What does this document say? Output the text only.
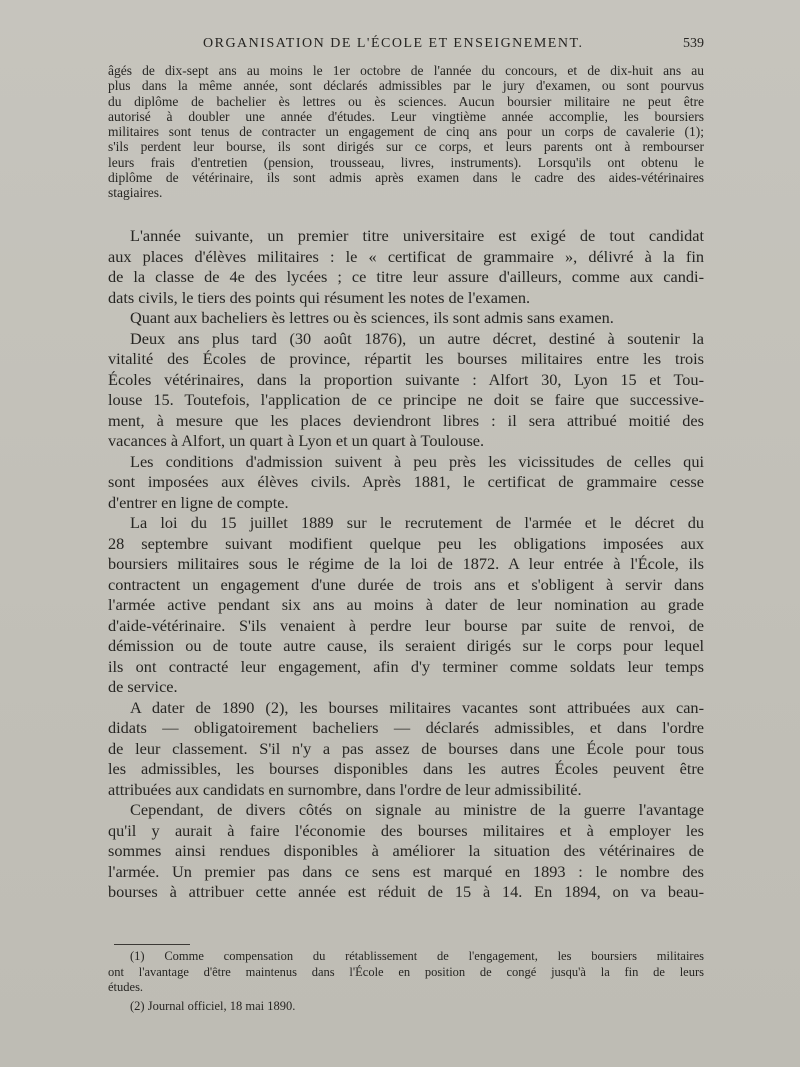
ORGANISATION DE L'ÉCOLE ET ENSEIGNEMENT.	539
âgés de dix-sept ans au moins le 1er octobre de l'année du concours, et de dix-huit ans au
plus dans la même année, sont déclarés admissibles par le jury d'examen, ou sont pourvus
du diplôme de bachelier ès lettres ou ès sciences. Aucun boursier militaire ne peut être
autorisé à doubler une année d'études. Leur vingtième année accomplie, les boursiers
militaires sont tenus de contracter un engagement de cinq ans pour un corps de cavalerie (1);
s'ils perdent leur bourse, ils sont dirigés sur ce corps, et leurs parents ont à rembourser
leurs frais d'entretien (pension, trousseau, livres, instruments). Lorsqu'ils ont obtenu le
diplôme de vétérinaire, ils sont admis après examen dans le cadre des aides-vétérinaires
stagiaires.
L'année suivante, un premier titre universitaire est exigé de tout candidat
aux places d'élèves militaires : le « certificat de grammaire », délivré à la fin
de la classe de 4e des lycées ; ce titre leur assure d'ailleurs, comme aux candi-
dats civils, le tiers des points qui résument les notes de l'examen.
Quant aux bacheliers ès lettres ou ès sciences, ils sont admis sans examen.
Deux ans plus tard (30 août 1876), un autre décret, destiné à soutenir la
vitalité des Écoles de province, répartit les bourses militaires entre les trois
Écoles vétérinaires, dans la proportion suivante : Alfort 30, Lyon 15 et Tou-
louse 15. Toutefois, l'application de ce principe ne doit se faire que successive-
ment, à mesure que les places deviendront libres : il sera attribué moitié des
vacances à Alfort, un quart à Lyon et un quart à Toulouse.
Les conditions d'admission suivent à peu près les vicissitudes de celles qui
sont imposées aux élèves civils. Après 1881, le certificat de grammaire cesse
d'entrer en ligne de compte.
La loi du 15 juillet 1889 sur le recrutement de l'armée et le décret du
28 septembre suivant modifient quelque peu les obligations imposées aux
boursiers militaires sous le régime de la loi de 1872. A leur entrée à l'École, ils
contractent un engagement d'une durée de trois ans et s'obligent à servir dans
l'armée active pendant six ans au moins à dater de leur nomination au grade
d'aide-vétérinaire. S'ils venaient à perdre leur bourse par suite de renvoi, de
démission ou de toute autre cause, ils seraient dirigés sur le corps pour lequel
ils ont contracté leur engagement, afin d'y terminer comme soldats leur temps
de service.
A dater de 1890 (2), les bourses militaires vacantes sont attribuées aux can-
didats — obligatoirement bacheliers — déclarés admissibles, et dans l'ordre
de leur classement. S'il n'y a pas assez de bourses dans une École pour tous
les admissibles, les bourses disponibles dans les autres Écoles peuvent être
attribuées aux candidats en surnombre, dans l'ordre de leur admissibilité.
Cependant, de divers côtés on signale au ministre de la guerre l'avantage
qu'il y aurait à faire l'économie des bourses militaires et à employer les
sommes ainsi rendues disponibles à améliorer la situation des vétérinaires de
l'armée. Un premier pas dans ce sens est marqué en 1893 : le nombre des
bourses à attribuer cette année est réduit de 15 à 14. En 1894, on va beau-
(1) Comme compensation du rétablissement de l'engagement, les boursiers militaires
ont l'avantage d'être maintenus dans l'École en position de congé jusqu'à la fin de leurs
études.
(2) Journal officiel, 18 mai 1890.
